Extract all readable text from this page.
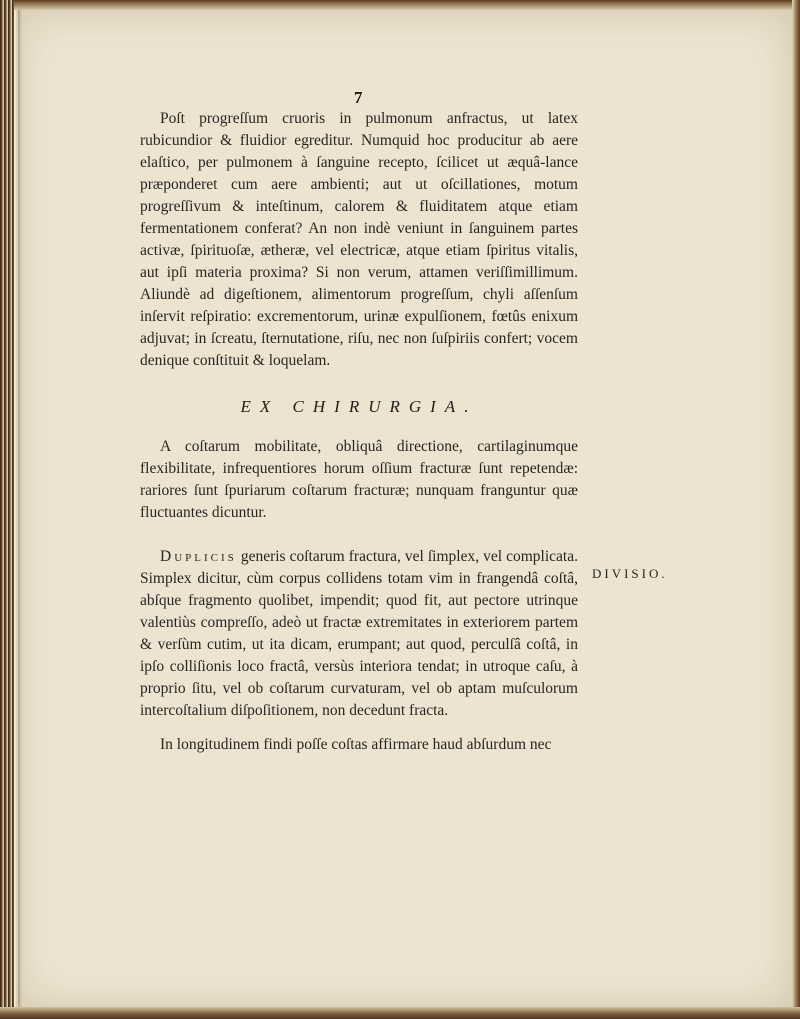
7

Poſt progreſſum cruoris in pulmonum anfractus, ut latex rubicundior & fluidior egreditur. Numquid hoc producitur ab aere elaſtico, per pulmonem à ſanguine recepto, ſcilicet ut æquâ-lance præponderet cum aere ambienti; aut ut oſcillationes, motum progreſſivum & inteſtinum, calorem & fluiditatem atque etiam fermentationem conferat? An non indè veniunt in ſanguinem partes activæ, ſpirituoſæ, ætheræ, vel electricæ, atque etiam ſpiritus vitalis, aut ipſi materia proxima? Si non verum, attamen veriſſimillimum. Aliundè ad digeſtionem, alimentorum progreſſum, chyli aſſenſum inſervit reſpiratio: excrementorum, urinæ expulſionem, fœtûs enixum adjuvat; in ſcreatu, ſternutatione, riſu, nec non ſuſpiriis confert; vocem denique conſtituit & loquelam.

EX CHIRURGIA.

A coſtarum mobilitate, obliquâ directione, cartilaginumque flexibilitate, infrequentiores horum oſſium fracturæ ſunt repetendæ: rariores ſunt ſpuriarum coſtarum fracturæ; nunquam franguntur quæ fluctuantes dicuntur.

Duplicis generis coſtarum fractura, vel ſimplex, vel complicata. Simplex dicitur, cùm corpus collidens totam vim in frangendâ coſtâ, abſque fragmento quolibet, impendit; quod fit, aut pectore utrinque valentiùs compreſſo, adeò ut fractæ extremitates in exteriorem partem & verſùm cutim, ut ita dicam, erumpant; aut quod, perculſâ coſtâ, in ipſo colliſionis loco fractâ, versùs interiora tendat; in utroque caſu, à proprio ſitu, vel ob coſtarum curvaturam, vel ob aptam muſculorum intercoſtalium diſpoſitionem, non decedunt fracta.

In longitudinem findi poſſe coſtas affirmare haud abſurdum nec

DIVISIO.
